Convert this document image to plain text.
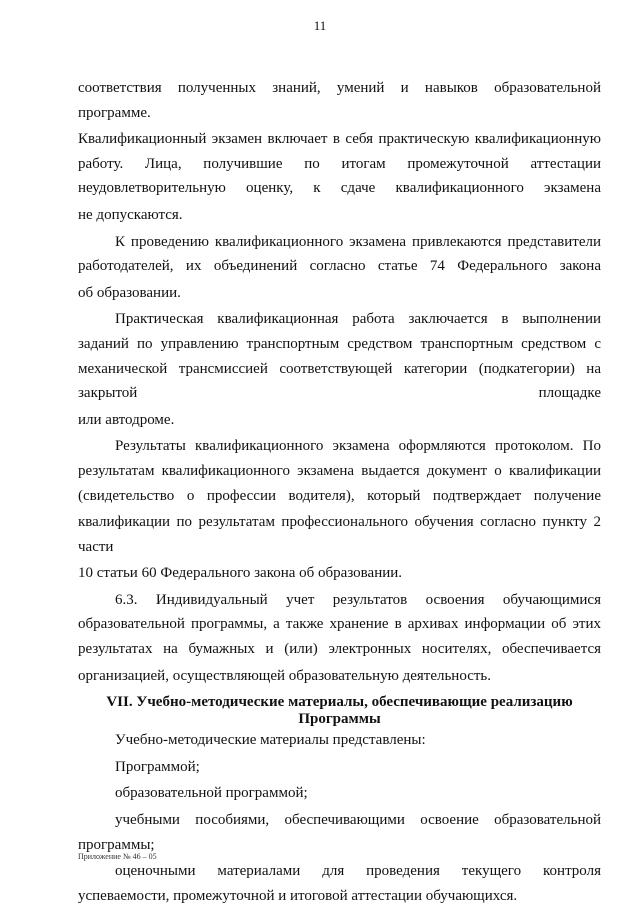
11

соответствия полученных знаний, умений и навыков образовательной программе.

Квалификационный экзамен включает в себя практическую квалификационную работу. Лица, получившие по итогам промежуточной аттестации неудовлетворительную оценку, к сдаче квалификационного экзамена

не допускаются.

К проведению квалификационного экзамена привлекаются представители работодателей, их объединений согласно статье 74 Федерального закона

об образовании.

Практическая квалификационная работа заключается в выполнении заданий по управлению транспортным средством транспортным средством с механической трансмиссией соответствующей категории (подкатегории) на закрытой площадке

или автодроме.

Результаты квалификационного экзамена оформляются протоколом. По результатам квалификационного экзамена выдается документ о квалификации (свидетельство о профессии водителя), который подтверждает получение

квалификации по результатам профессионального обучения согласно пункту 2 части

10 статьи 60 Федерального закона об образовании.

6.3. Индивидуальный учет результатов освоения обучающимися образовательной программы, а также хранение в архивах информации об этих результатах на бумажных и (или) электронных носителях, обеспечивается

организацией, осуществляющей образовательную деятельность.

VII. Учебно-методические материалы, обеспечивающие реализацию

Программы

Учебно-методические материалы представлены:

Программой;

образовательной программой;

учебными пособиями, обеспечивающими освоение образовательной программы;

оценочными материалами для проведения текущего контроля успеваемости, промежуточной и итоговой аттестации обучающихся.

Приложение № 46 – 05
